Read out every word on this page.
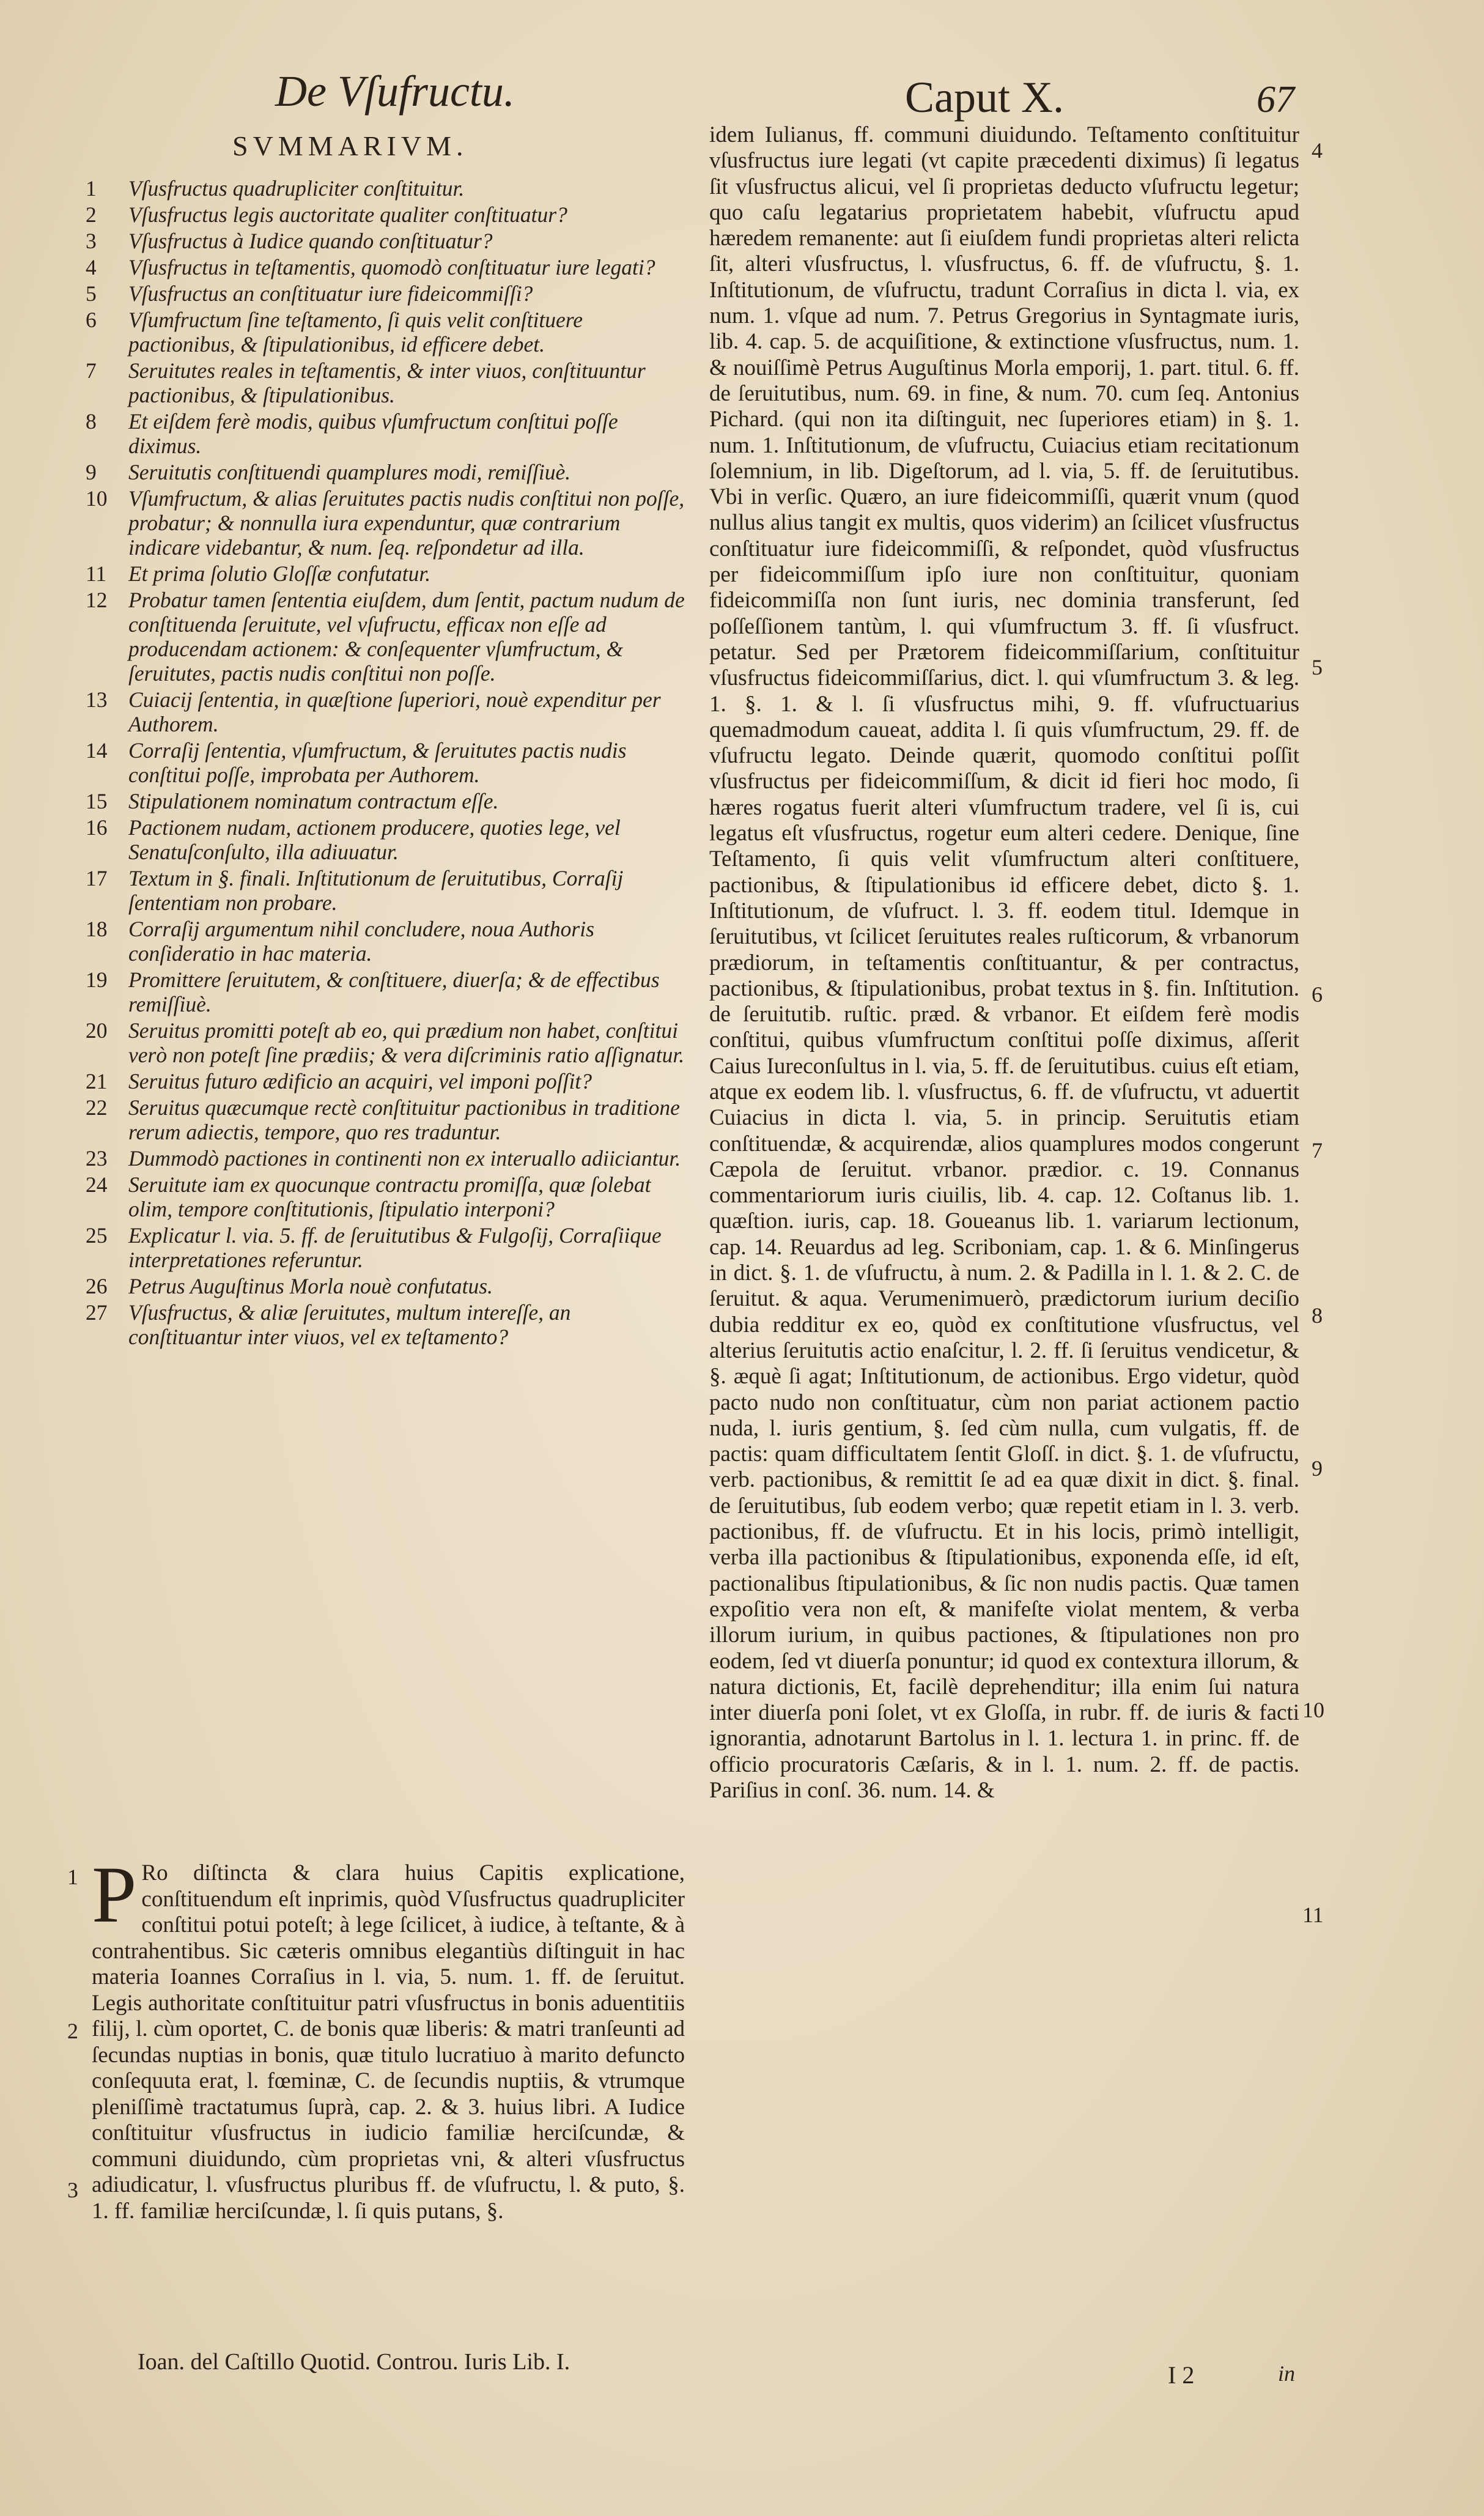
De Vſufructu.	Caput X.	67
SVMMARIVM.
1	Vſusfructus quadrupliciter conſtituitur.
2	Vſusfructus legis auctoritate qualiter conſtituatur?
3	Vſusfructus à Iudice quando conſtituatur?
4	Vſusfructus in teſtamentis, quomodò conſtituatur iure legati?
5	Vſusfructus an conſtituatur iure fideicommiſſi?
6	Vſumfructum ſine teſtamento, ſi quis velit conſtituere pactionibus, & ſtipulationibus, id efficere debet.
7	Seruitutes reales in teſtamentis, & inter viuos, conſtituuntur pactionibus, & ſtipulationibus.
8	Et eiſdem ferè modis, quibus vſumfructum conſtitui poſſe diximus.
9	Seruitutis conſtituendi quamplures modi, remiſſiuè.
10 Vſumfructum, & alias ſeruitutes pactis nudis conſtitui non poſſe, probatur; & nonnulla iura expenduntur, quæ contrarium indicare videbantur, & num. ſeq. reſpondetur ad illa.
11	Et prima ſolutio Gloſſæ confutatur.
12 Probatur tamen ſententia eiuſdem, dum ſentit, pactum nudum de conſtituenda ſeruitute, vel vſufructu, efficax non eſſe ad producendam actionem: & conſequenter vſumfructum, & ſeruitutes, pactis nudis conſtitui non poſſe.
13 Cuiacij ſententia, in quæſtione ſuperiori, nouè expenditur per Authorem.
14 Corraſij ſententia, vſumfructum, & ſeruitutes pactis nudis conſtitui poſſe, improbata per Authorem.
15 Stipulationem nominatum contractum eſſe.
16 Pactionem nudam, actionem producere, quoties lege, vel Senatuſconſulto, illa adiuuatur.
17 Textum in §. finali. Inſtitutionum de ſeruitutibus, Corraſij ſententiam non probare.
18 Corraſij argumentum nihil concludere, noua Authoris conſideratio in hac materia.
19 Promittere ſeruitutem, & conſtituere, diuerſa; & de effectibus remiſſiuè.
20 Seruitus promitti poteſt ab eo, qui prædium non habet, conſtitui verò non poteſt ſine prædiis; & vera diſcriminis ratio aſſignatur.
21 Seruitus futuro ædificio an acquiri, vel imponi poſſit?
22 Seruitus quæcumque rectè conſtituitur pactionibus in traditione rerum adiectis, tempore, quo res traduntur.
23 Dummodò pactiones in continenti non ex interuallo adiiciantur.
24 Seruitute iam ex quocunque contractu promiſſa, quæ ſolebat olim, tempore conſtitutionis, ſtipulatio interponi?
25 Explicatur l. via. 5. ff. de ſeruitutibus & Fulgoſij, Corraſiique interpretationes referuntur.
26 Petrus Auguſtinus Morla nouè confutatus.
27 Vſusfructus, & aliæ ſeruitutes, multum intereſſe, an conſtituantur inter viuos, vel ex teſtamento?
P Ro diſtincta & clara huius Capitis explicatione, conſtituendum eſt inprimis, quòd Vſusfructus quadrupliciter conſtitui potui poteſt; à lege ſcilicet, à iudice, à teſtante, & à contrahentibus. Sic cæteris omnibus elegantiùs diſtinguit in hac materia Ioannes Corraſius in l. via, 5. num. 1. ff. de ſeruitut. Legis authoritate conſtituitur patri vſusfructus in bonis aduentitiis filij, l. cùm oportet, C. de bonis quæ liberis: & matri tranſeunti ad ſecundas nuptias in bonis, quæ titulo lucratiuo à marito defuncto conſequuta erat, l. fœminæ, C. de ſecundis nuptiis, & vtrumque pleniſſimè tractatumus ſuprà, cap. 2. & 3. huius libri. A Iudice conſtituitur vſusfructus in iudicio familiæ herciſcundæ, & communi diuidundo, cùm proprietas vni, & alteri vſusfructus adiudicatur, l. vſusfructus pluribus ff. de vſufructu, l. & puto, §. 1. ff. familiæ herciſcundæ, l. ſi quis putans, §.
Ioan. del Caſtillo Quotid. Controu. Iuris Lib. I.
idem Iulianus, ff. communi diuidundo. Teſtamento conſtituitur vſusfructus iure legati (vt capite præcedenti diximus) ſi legatus ſit vſusfructus alicui, vel ſi proprietas deducto vſufructu legetur; quo caſu legatarius proprietatem habebit, vſufructu apud hæredem remanente: aut ſi eiuſdem fundi proprietas alteri relicta ſit, alteri vſusfructus, l. vſusfructus, 6. ff. de vſufructu, §. 1. Inſtitutionum, de vſufructu, tradunt Corraſius in dicta l. via, ex num. 1. vſque ad num. 7. Petrus Gregorius in Syntagmate iuris, lib. 4. cap. 5. de acquiſitione, & extinctione vſusfructus, num. 1. & nouiſſimè Petrus Auguſtinus Morla emporij, 1. part. titul. 6. ff. de ſeruitutibus, num. 69. in fine, & num. 70. cum ſeq. Antonius Pichard. (qui non ita diſtinguit, nec ſuperiores etiam) in §. 1. num. 1. Inſtitutionum, de vſufructu, Cuiacius etiam recitationum ſolemnium, in lib. Digeſtorum, ad l. via, 5. ff. de ſeruitutibus. Vbi in verſic. Quæro, an iure fideicommiſſi, quærit vnum (quod nullus alius tangit ex multis, quos viderim) an ſcilicet vſusfructus conſtituatur iure fideicommiſſi, & reſpondet, quòd vſusfructus per fideicommiſſum ipſo iure non conſtituitur, quoniam fideicommiſſa non ſunt iuris, nec dominia transferunt, ſed poſſeſſionem tantùm, l. qui vſumfructum 3. ff. ſi vſusfruct. petatur. Sed per Prætorem fideicommiſſarium, conſtituitur vſusfructus fideicommiſſarius, dict. l. qui vſumfructum 3. & leg. 1. §. 1. & l. ſi vſusfructus mihi, 9. ff. vſufructuarius quemadmodum caueat, addita l. ſi quis vſumfructum, 29. ff. de vſufructu legato. Deinde quærit, quomodo conſtitui poſſit vſusfructus per fideicommiſſum, & dicit id fieri hoc modo, ſi hæres rogatus fuerit alteri vſumfructum tradere, vel ſi is, cui legatus eſt vſusfructus, rogetur eum alteri cedere. Denique, ſine Teſtamento, ſi quis velit vſumfructum alteri conſtituere, pactionibus, & ſtipulationibus id efficere debet, dicto §. 1. Inſtitutionum, de vſufruct. l. 3. ff. eodem titul. Idemque in ſeruitutibus, vt ſcilicet ſeruitutes reales ruſticorum, & vrbanorum prædiorum, in teſtamentis conſtituantur, & per contractus, pactionibus, & ſtipulationibus, probat textus in §. fin. Inſtitution. de ſeruitutib. ruſtic. præd. & vrbanor. Et eiſdem ferè modis conſtitui, quibus vſumfructum conſtitui poſſe diximus, aſſerit Caius Iureconſultus in l. via, 5. ff. de ſeruitutibus. cuius eſt etiam, atque ex eodem lib. l. vſusfructus, 6. ff. de vſufructu, vt aduertit Cuiacius in dicta l. via, 5. in princip. Seruitutis etiam conſtituendæ, & acquirendæ, alios quamplures modos congerunt Cæpola de ſeruitut. vrbanor. prædior. c. 19. Connanus commentariorum iuris ciuilis, lib. 4. cap. 12. Coſtanus lib. 1. quæſtion. iuris, cap. 18. Goueanus lib. 1. variarum lectionum, cap. 14. Reuardus ad leg. Scriboniam, cap. 1. & 6. Minſingerus in dict. §. 1. de vſufructu, à num. 2. & Padilla in l. 1. & 2. C. de ſeruitut. & aqua. Verumenimuerò, prædictorum iurium deciſio dubia redditur ex eo, quòd ex conſtitutione vſusfructus, vel alterius ſeruitutis actio enaſcitur, l. 2. ff. ſi ſeruitus vendicetur, & §. æquè ſi agat; Inſtitutionum, de actionibus. Ergo videtur, quòd pacto nudo non conſtituatur, cùm non pariat actionem pactio nuda, l. iuris gentium, §. ſed cùm nulla, cum vulgatis, ff. de pactis: quam difficultatem ſentit Gloſſ. in dict. §. 1. de vſufructu, verb. pactionibus, & remittit ſe ad ea quæ dixit in dict. §. final. de ſeruitutibus, ſub eodem verbo; quæ repetit etiam in l. 3. verb. pactionibus, ff. de vſufructu. Et in his locis, primò intelligit, verba illa pactionibus & ſtipulationibus, exponenda eſſe, id eſt, pactionalibus ſtipulationibus, & ſic non nudis pactis. Quæ tamen expoſitio vera non eſt, & manifeſte violat mentem, & verba illorum iurium, in quibus pactiones, & ſtipulationes non pro eodem, ſed vt diuerſa ponuntur; id quod ex contextura illorum, & natura dictionis, Et, facilè deprehenditur; illa enim ſui natura inter diuerſa poni ſolet, vt ex Gloſſa, in rubr. ff. de iuris & facti ignorantia, adnotarunt Bartolus in l. 1. lectura 1. in princ. ff. de officio procuratoris Cæſaris, & in l. 1. num. 2. ff. de pactis. Pariſius in conſ. 36. num. 14. &
I 2	in
1
2
3
4
5
6
7
8
9
10
11
